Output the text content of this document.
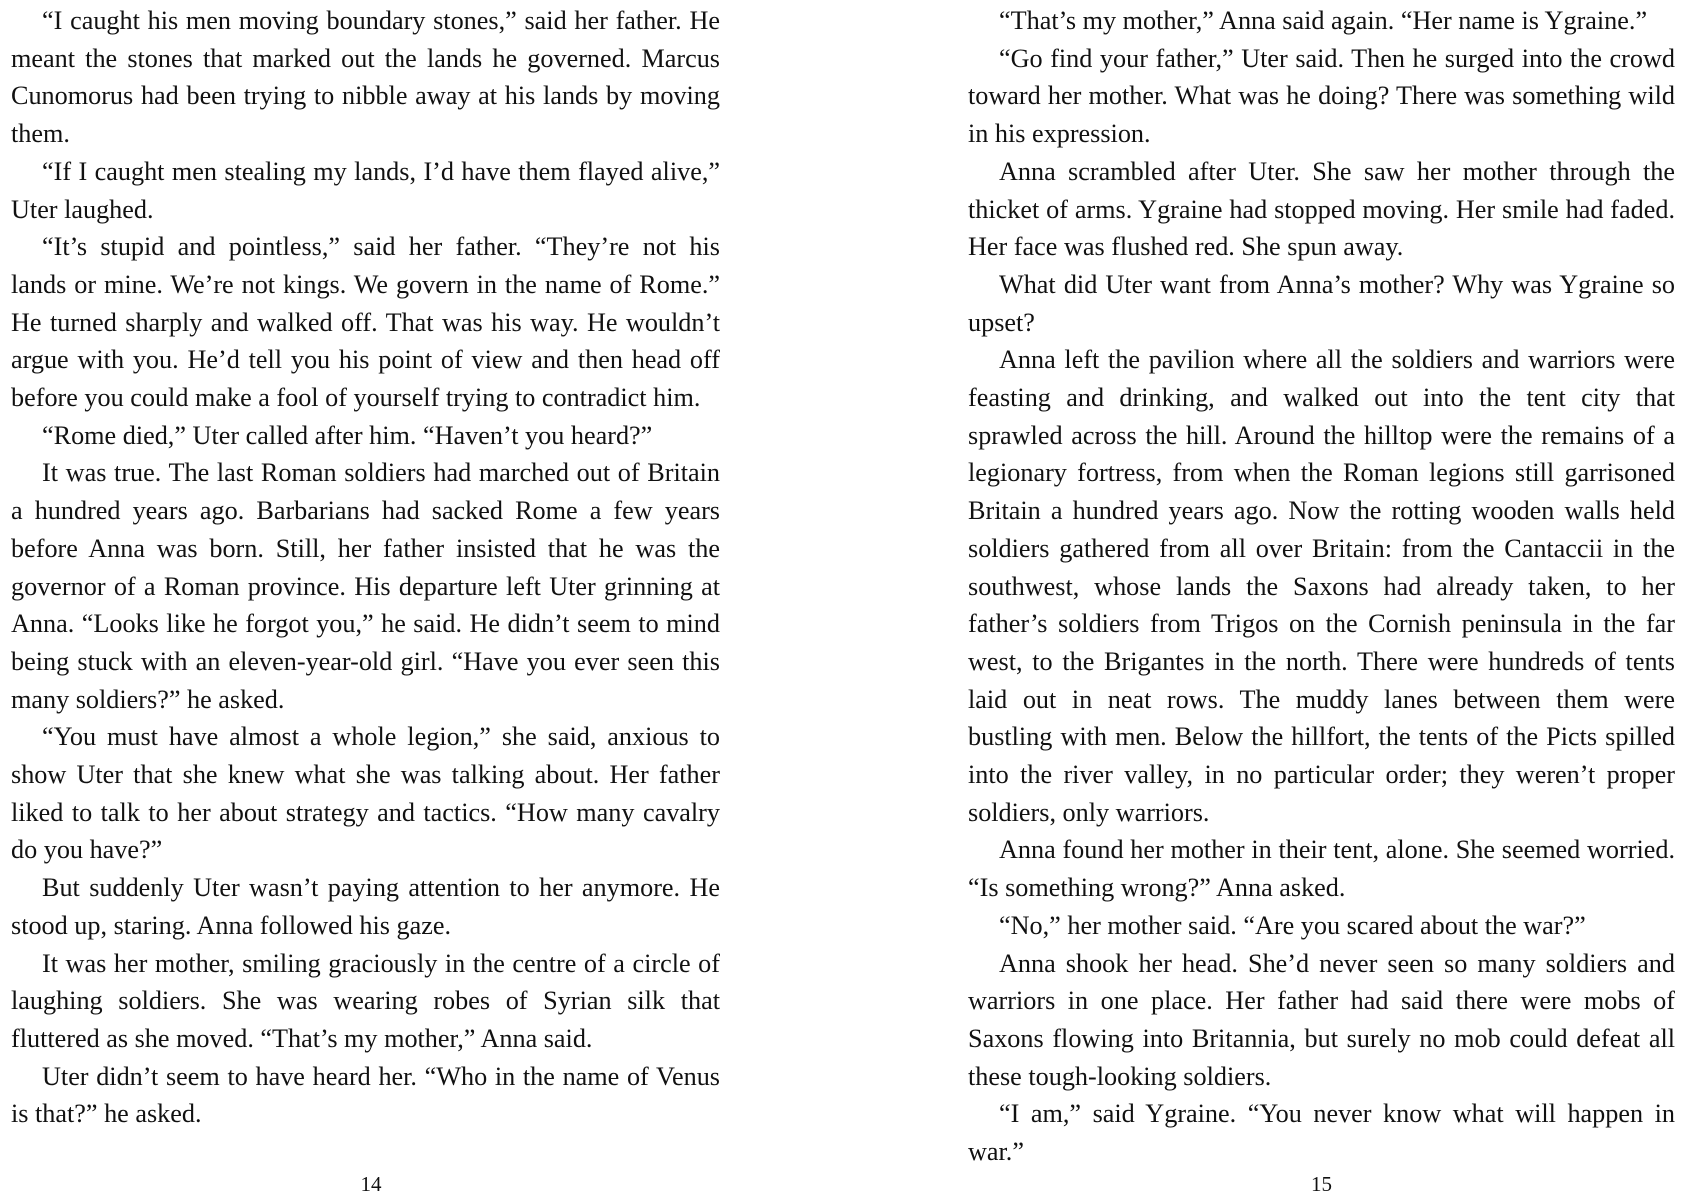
“I caught his men moving boundary stones,” said her father. He meant the stones that marked out the lands he governed. Marcus Cunomorus had been trying to nibble away at his lands by moving them.

“If I caught men stealing my lands, I’d have them flayed alive,” Uter laughed.

“It’s stupid and pointless,” said her father. “They’re not his lands or mine. We’re not kings. We govern in the name of Rome.” He turned sharply and walked off. That was his way. He wouldn’t argue with you. He’d tell you his point of view and then head off before you could make a fool of yourself trying to contradict him.

“Rome died,” Uter called after him. “Haven’t you heard?”

It was true. The last Roman soldiers had marched out of Britain a hundred years ago. Barbarians had sacked Rome a few years before Anna was born. Still, her father insisted that he was the governor of a Roman province. His departure left Uter grinning at Anna. “Looks like he forgot you,” he said. He didn’t seem to mind being stuck with an eleven-year-old girl. “Have you ever seen this many soldiers?” he asked.

“You must have almost a whole legion,” she said, anxious to show Uter that she knew what she was talking about. Her father liked to talk to her about strategy and tactics. “How many cavalry do you have?”

But suddenly Uter wasn’t paying attention to her anymore. He stood up, staring. Anna followed his gaze.

It was her mother, smiling graciously in the centre of a circle of laughing soldiers. She was wearing robes of Syrian silk that fluttered as she moved. “That’s my mother,” Anna said.

Uter didn’t seem to have heard her. “Who in the name of Venus is that?” he asked.

14

“That’s my mother,” Anna said again. “Her name is Ygraine.”

“Go find your father,” Uter said. Then he surged into the crowd toward her mother. What was he doing? There was something wild in his expression.

Anna scrambled after Uter. She saw her mother through the thicket of arms. Ygraine had stopped moving. Her smile had faded. Her face was flushed red. She spun away.

What did Uter want from Anna’s mother? Why was Ygraine so upset?

Anna left the pavilion where all the soldiers and warriors were feasting and drinking, and walked out into the tent city that sprawled across the hill. Around the hilltop were the remains of a legionary fortress, from when the Roman legions still garrisoned Britain a hundred years ago. Now the rotting wooden walls held soldiers gathered from all over Britain: from the Cantaccii in the southwest, whose lands the Saxons had already taken, to her father’s soldiers from Trigos on the Cornish peninsula in the far west, to the Brigantes in the north. There were hundreds of tents laid out in neat rows. The muddy lanes between them were bustling with men. Below the hillfort, the tents of the Picts spilled into the river valley, in no particular order; they weren’t proper soldiers, only warriors.

Anna found her mother in their tent, alone. She seemed worried. “Is something wrong?” Anna asked.

“No,” her mother said. “Are you scared about the war?”

Anna shook her head. She’d never seen so many soldiers and warriors in one place. Her father had said there were mobs of Saxons flowing into Britannia, but surely no mob could defeat all these tough-looking soldiers.

“I am,” said Ygraine. “You never know what will happen in war.”

15
